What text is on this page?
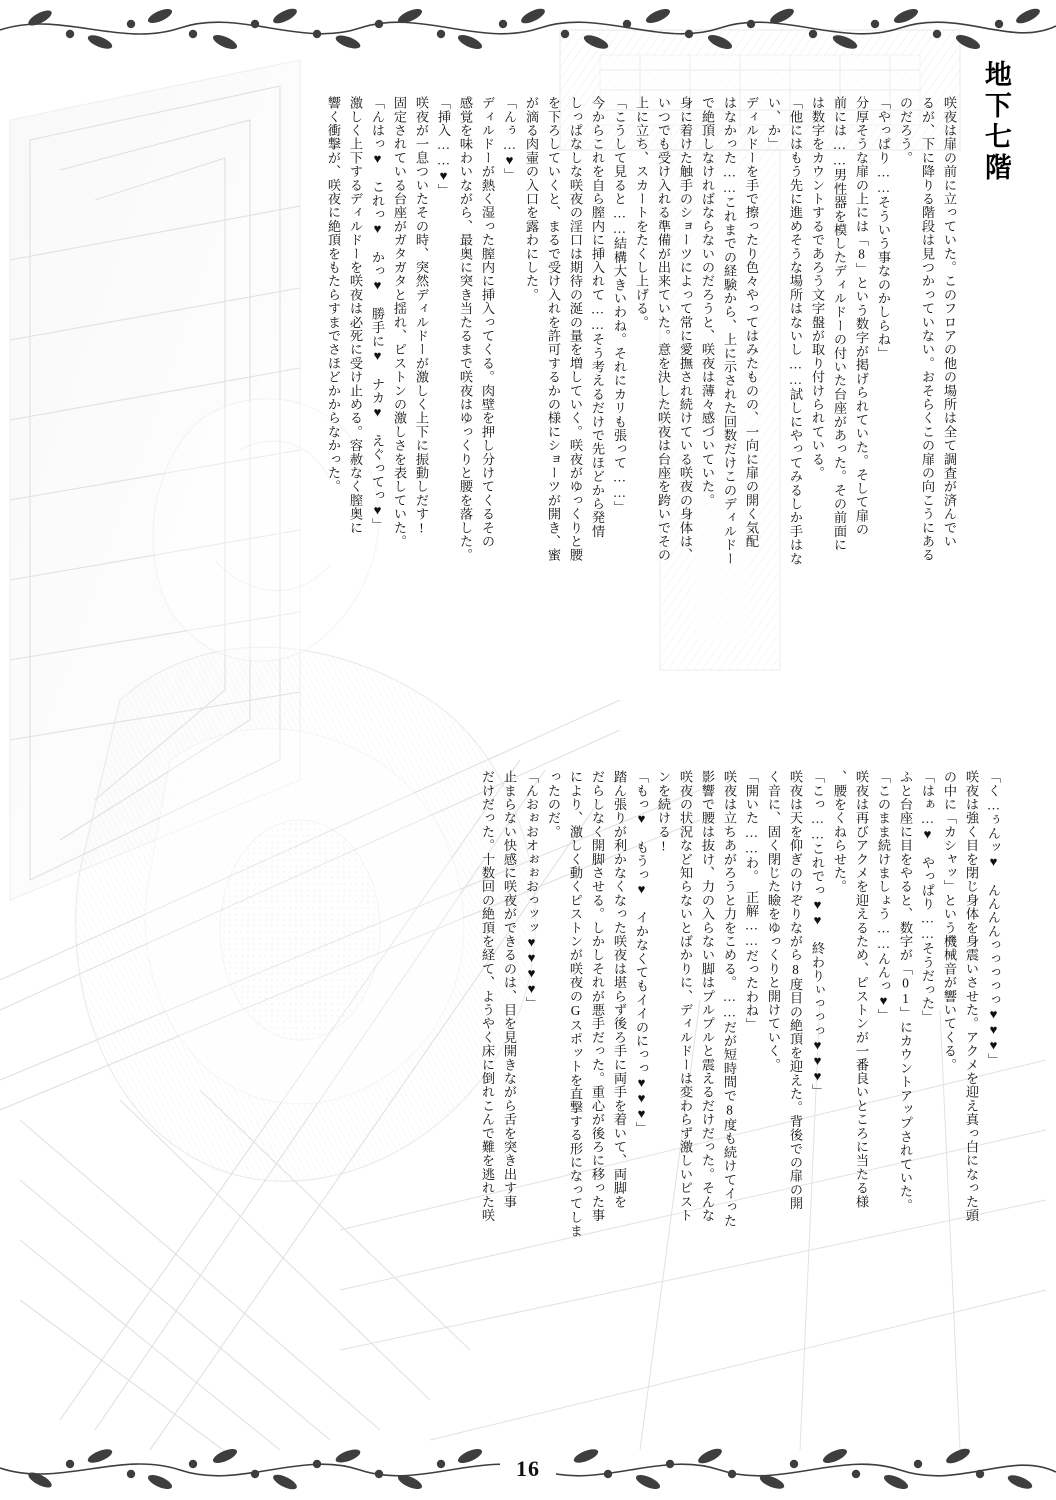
地下七階
咲夜は扉の前に立っていた。このフロアの他の場所は全て調査が済んでい
るが、下に降りる階段は見つかっていない。おそらくこの扉の向こうにある
のだろう。
「やっぱり……そういう事なのかしらね」
分厚そうな扉の上には「8」という数字が掲げられていた。そして扉の
前には……男性器を模したディルドーの付いた台座があった。その前面に
は数字をカウントするであろう文字盤が取り付けられている。
「他にはもう先に進めそうな場所はないし……試しにやってみるしか手はな
い、か」
ディルドーを手で擦ったり色々やってはみたものの、一向に扉の開く気配
はなかった……これまでの経験から、上に示された回数だけこのディルドー
で絶頂しなければならないのだろうと、咲夜は薄々感づいていた。
身に着けた触手のショーツによって常に愛撫され続けている咲夜の身体は、
いつでも受け入れる準備が出来ていた。意を決した咲夜は台座を跨いでその
上に立ち、スカートをたくし上げる。
「こうして見ると……結構大きいわね。それにカリも張って……」
今からこれを自ら膣内に挿入れて……そう考えるだけで先ほどから発情
しっぱなしな咲夜の淫口は期待の涎の量を増していく。咲夜がゆっくりと腰
を下ろしていくと、まるで受け入れを許可するかの様にショーツが開き、蜜
が滴る肉壷の入口を露わにした。
「んぅ…♥」
ディルドーが熱く湿った膣内に挿入ってくる。肉壁を押し分けてくるその
感覚を味わいながら、最奥に突き当たるまで咲夜はゆっくりと腰を落した。
「挿入……♥」
咲夜が一息ついたその時、突然ディルドーが激しく上下に振動しだす!
固定されている台座がガタガタと揺れ、ピストンの激しさを表していた。
「んはっ♥　これっ♥　かっ♥　勝手に♥　ナカ♥　えぐってっ♥」
激しく上下するディルドーを咲夜は必死に受け止める。容赦なく膣奥に
響く衝撃が、咲夜に絶頂をもたらすまでさほどかからなかった。
「く…ぅんッ♥　んんんんっっっっっ♥♥♥」
咲夜は強く目を閉じ身体を身震いさせた。アクメを迎え真っ白になった頭
の中に「カシャッ」という機械音が響いてくる。
「はぁ…♥　やっぱり……そうだった」
ふと台座に目をやると、数字が「01」にカウントアップされていた。
「このまま続けましょう……んんっ♥」
咲夜は再びアクメを迎えるため、ピストンが一番良いところに当たる様
、腰をくねらせた。
「こっ……これでっ♥♥　終わりぃっっっ♥♥♥」
咲夜は天を仰ぎのけぞりながら8度目の絶頂を迎えた。背後での扉の開
く音に、固く閉じた瞼をゆっくりと開けていく。
「開いた……わ。　正解……だったわね」
咲夜は立ちあがろうと力をこめる。……だが短時間で8度も続けてイった
影響で腰は抜け、力の入らない脚はプルプルと震えるだけだった。そんな
咲夜の状況など知らないとばかりに、ディルドーは変わらず激しいピスト
ンを続ける!
「もっ♥　もうっ♥　イかなくてもイイのにっっ♥♥♥」
踏ん張りが利かなくなった咲夜は堪らず後ろ手に両手を着いて、両脚を
だらしなく開脚させる。しかしそれが悪手だった。重心が後ろに移った事
により、激しく動くピストンが咲夜のGスポットを直撃する形になってしま
ったのだ。
「んおぉおオぉぉおっッッ♥♥♥♥」
止まらない快感に咲夜ができるのは、目を見開きながら舌を突き出す事
だけだった。十数回の絶頂を経て、ようやく床に倒れこんで難を逃れた咲
16
